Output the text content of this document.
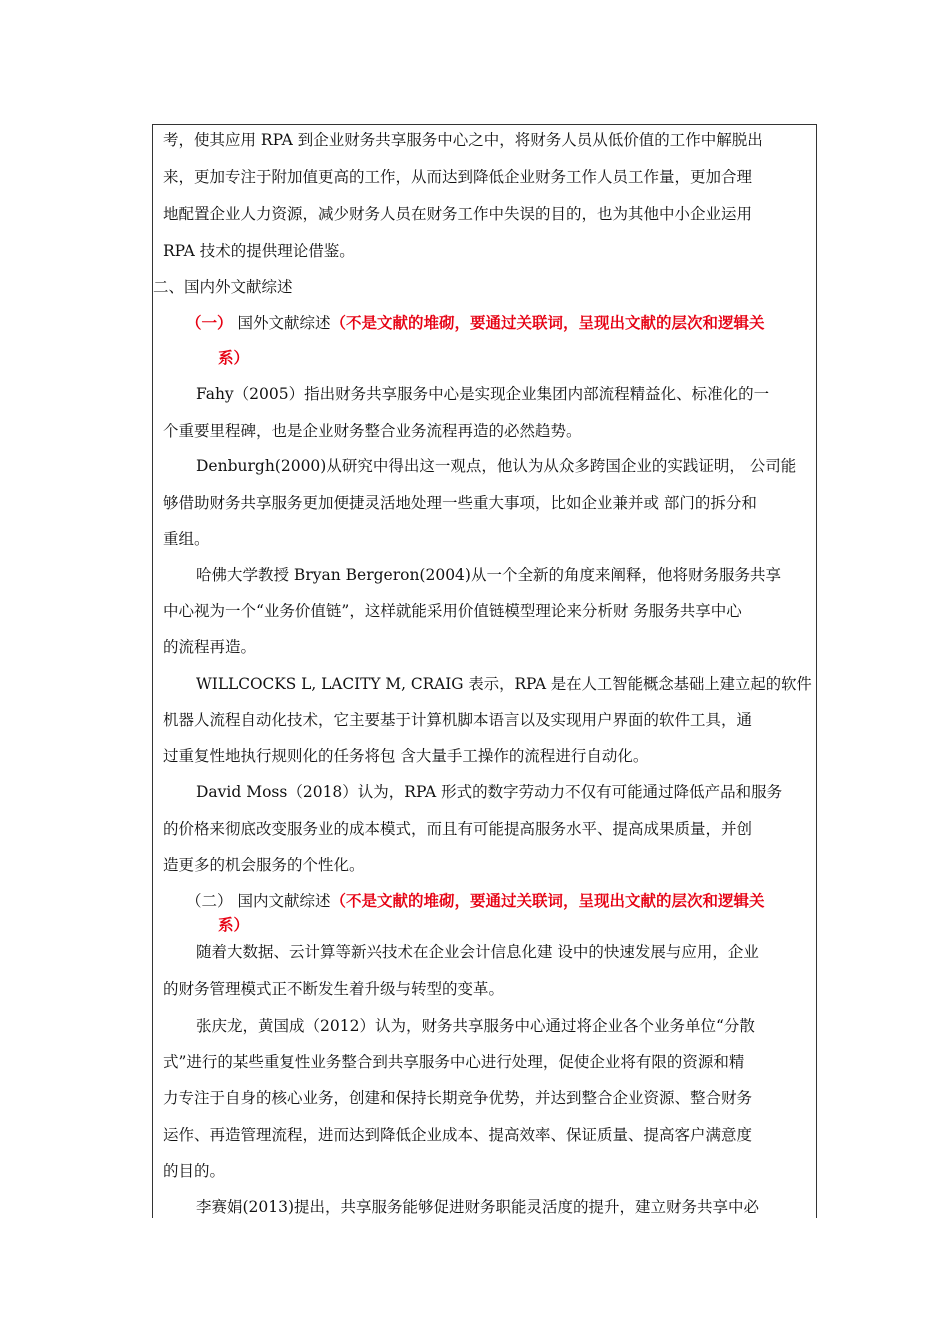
考，使其应用 RPA 到企业财务共享服务中心之中，将财务人员从低价值的工作中解脱出
来，更加专注于附加值更高的工作，从而达到降低企业财务工作人员工作量，更加合理
地配置企业人力资源，减少财务人员在财务工作中失误的目的，也为其他中小企业运用
RPA 技术的提供理论借鉴。
二、国内外文献综述
（一） 国外文献综述（不是文献的堆砌，要通过关联词，呈现出文献的层次和逻辑关
系）
Fahy（2005）指出财务共享服务中心是实现企业集团内部流程精益化、标准化的一
个重要里程碑，也是企业财务整合业务流程再造的必然趋势。
Denburgh(2000)从研究中得出这一观点，他认为从众多跨国企业的实践证明， 公司能
够借助财务共享服务更加便捷灵活地处理一些重大事项，比如企业兼并或 部门的拆分和
重组。
哈佛大学教授 Bryan Bergeron(2004)从一个全新的角度来阐释，他将财务服务共享
中心视为一个“业务价值链”，这样就能采用价值链模型理论来分析财 务服务共享中心
的流程再造。
WILLCOCKS L, LACITY M, CRAIG 表示，RPA 是在人工智能概念基础上建立起的软件
机器人流程自动化技术，它主要基于计算机脚本语言以及实现用户界面的软件工具，通
过重复性地执行规则化的任务将包 含大量手工操作的流程进行自动化。
David Moss（2018）认为，RPA 形式的数字劳动力不仅有可能通过降低产品和服务
的价格来彻底改变服务业的成本模式，而且有可能提高服务水平、提高成果质量，并创
造更多的机会服务的个性化。
（二） 国内文献综述（不是文献的堆砌，要通过关联词，呈现出文献的层次和逻辑关
系）
随着大数据、云计算等新兴技术在企业会计信息化建 设中的快速发展与应用，企业
的财务管理模式正不断发生着升级与转型的变革。
张庆龙，黄国成（2012）认为，财务共享服务中心通过将企业各个业务单位“分散
式”进行的某些重复性业务整合到共享服务中心进行处理，促使企业将有限的资源和精
力专注于自身的核心业务，创建和保持长期竞争优势，并达到整合企业资源、整合财务
运作、再造管理流程，进而达到降低企业成本、提高效率、保证质量、提高客户满意度
的目的。
李赛娟(2013)提出，共享服务能够促进财务职能灵活度的提升，建立财务共享中必
